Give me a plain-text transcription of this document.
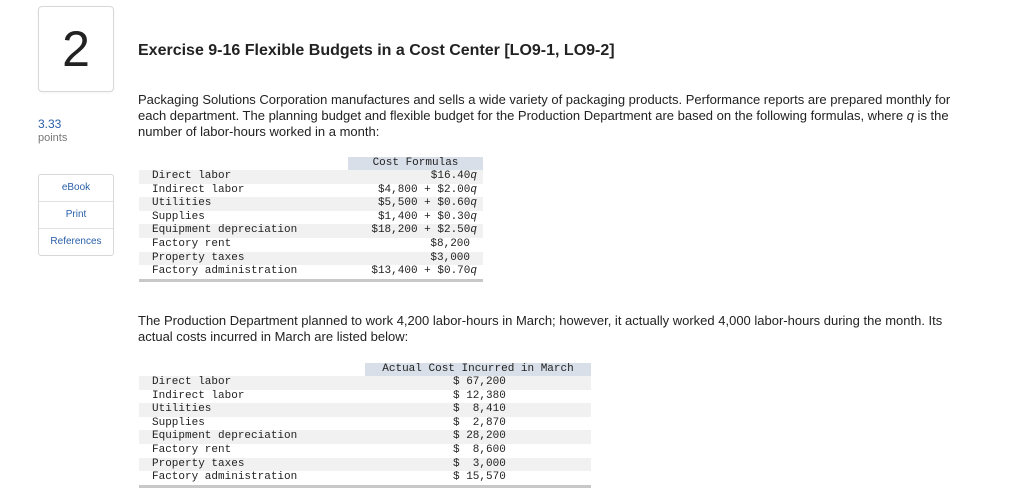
2
3.33
points
eBook
Print
References
Exercise 9-16 Flexible Budgets in a Cost Center [LO9-1, LO9-2]
Packaging Solutions Corporation manufactures and sells a wide variety of packaging products. Performance reports are prepared monthly for each department. The planning budget and flexible budget for the Production Department are based on the following formulas, where q is the number of labor-hours worked in a month:
Cost Formulas
Direct labor	$16.40q
Indirect labor	$4,800 + $2.00q
Utilities	$5,500 + $0.60q
Supplies	$1,400 + $0.30q
Equipment depreciation	$18,200 + $2.50q
Factory rent	$8,200
Property taxes	$3,000
Factory administration	$13,400 + $0.70q
The Production Department planned to work 4,200 labor-hours in March; however, it actually worked 4,000 labor-hours during the month. Its actual costs incurred in March are listed below:
Actual Cost Incurred in March
Direct labor	$ 67,200
Indirect labor	$ 12,380
Utilities	$  8,410
Supplies	$  2,870
Equipment depreciation	$ 28,200
Factory rent	$  8,600
Property taxes	$  3,000
Factory administration	$ 15,570
